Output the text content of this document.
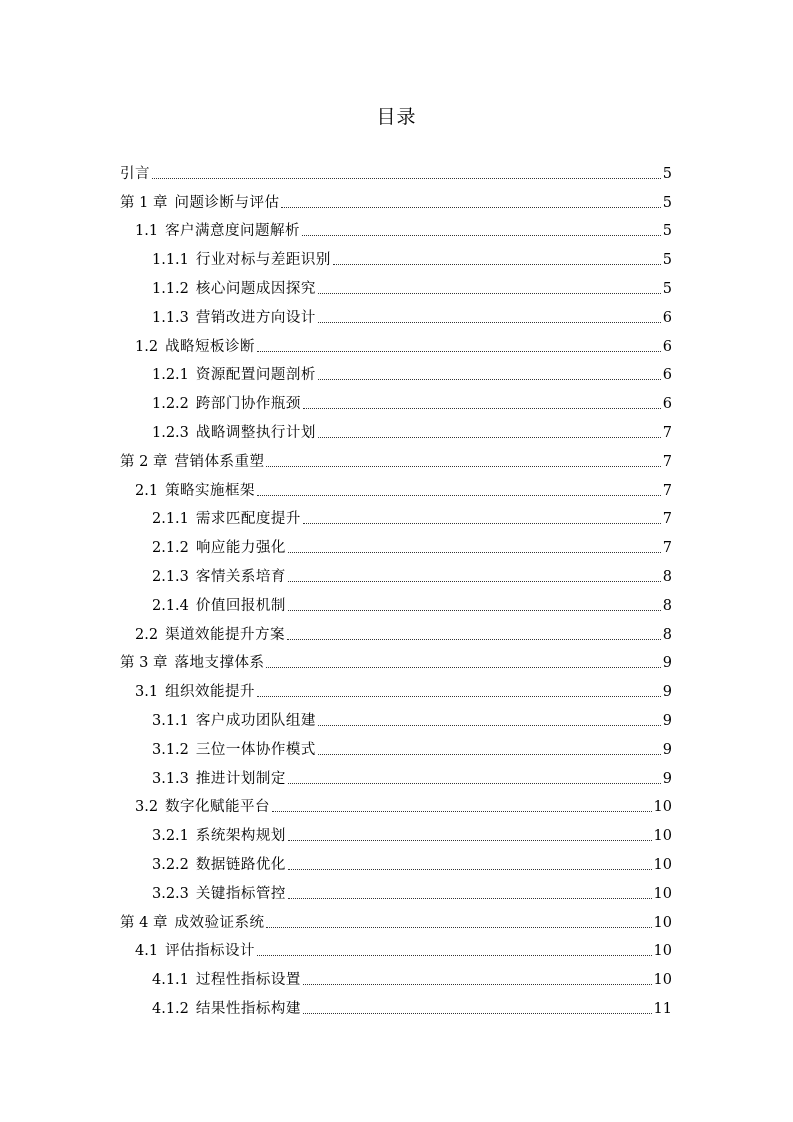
目录
引言	5
第 1 章 问题诊断与评估	5
1.1 客户满意度问题解析	5
1.1.1 行业对标与差距识别	5
1.1.2 核心问题成因探究	5
1.1.3 营销改进方向设计	6
1.2 战略短板诊断	6
1.2.1 资源配置问题剖析	6
1.2.2 跨部门协作瓶颈	6
1.2.3 战略调整执行计划	7
第 2 章 营销体系重塑	7
2.1 策略实施框架	7
2.1.1 需求匹配度提升	7
2.1.2 响应能力强化	7
2.1.3 客情关系培育	8
2.1.4 价值回报机制	8
2.2 渠道效能提升方案	8
第 3 章 落地支撑体系	9
3.1 组织效能提升	9
3.1.1 客户成功团队组建	9
3.1.2 三位一体协作模式	9
3.1.3 推进计划制定	9
3.2 数字化赋能平台	10
3.2.1 系统架构规划	10
3.2.2 数据链路优化	10
3.2.3 关键指标管控	10
第 4 章 成效验证系统	10
4.1 评估指标设计	10
4.1.1 过程性指标设置	10
4.1.2 结果性指标构建	11
